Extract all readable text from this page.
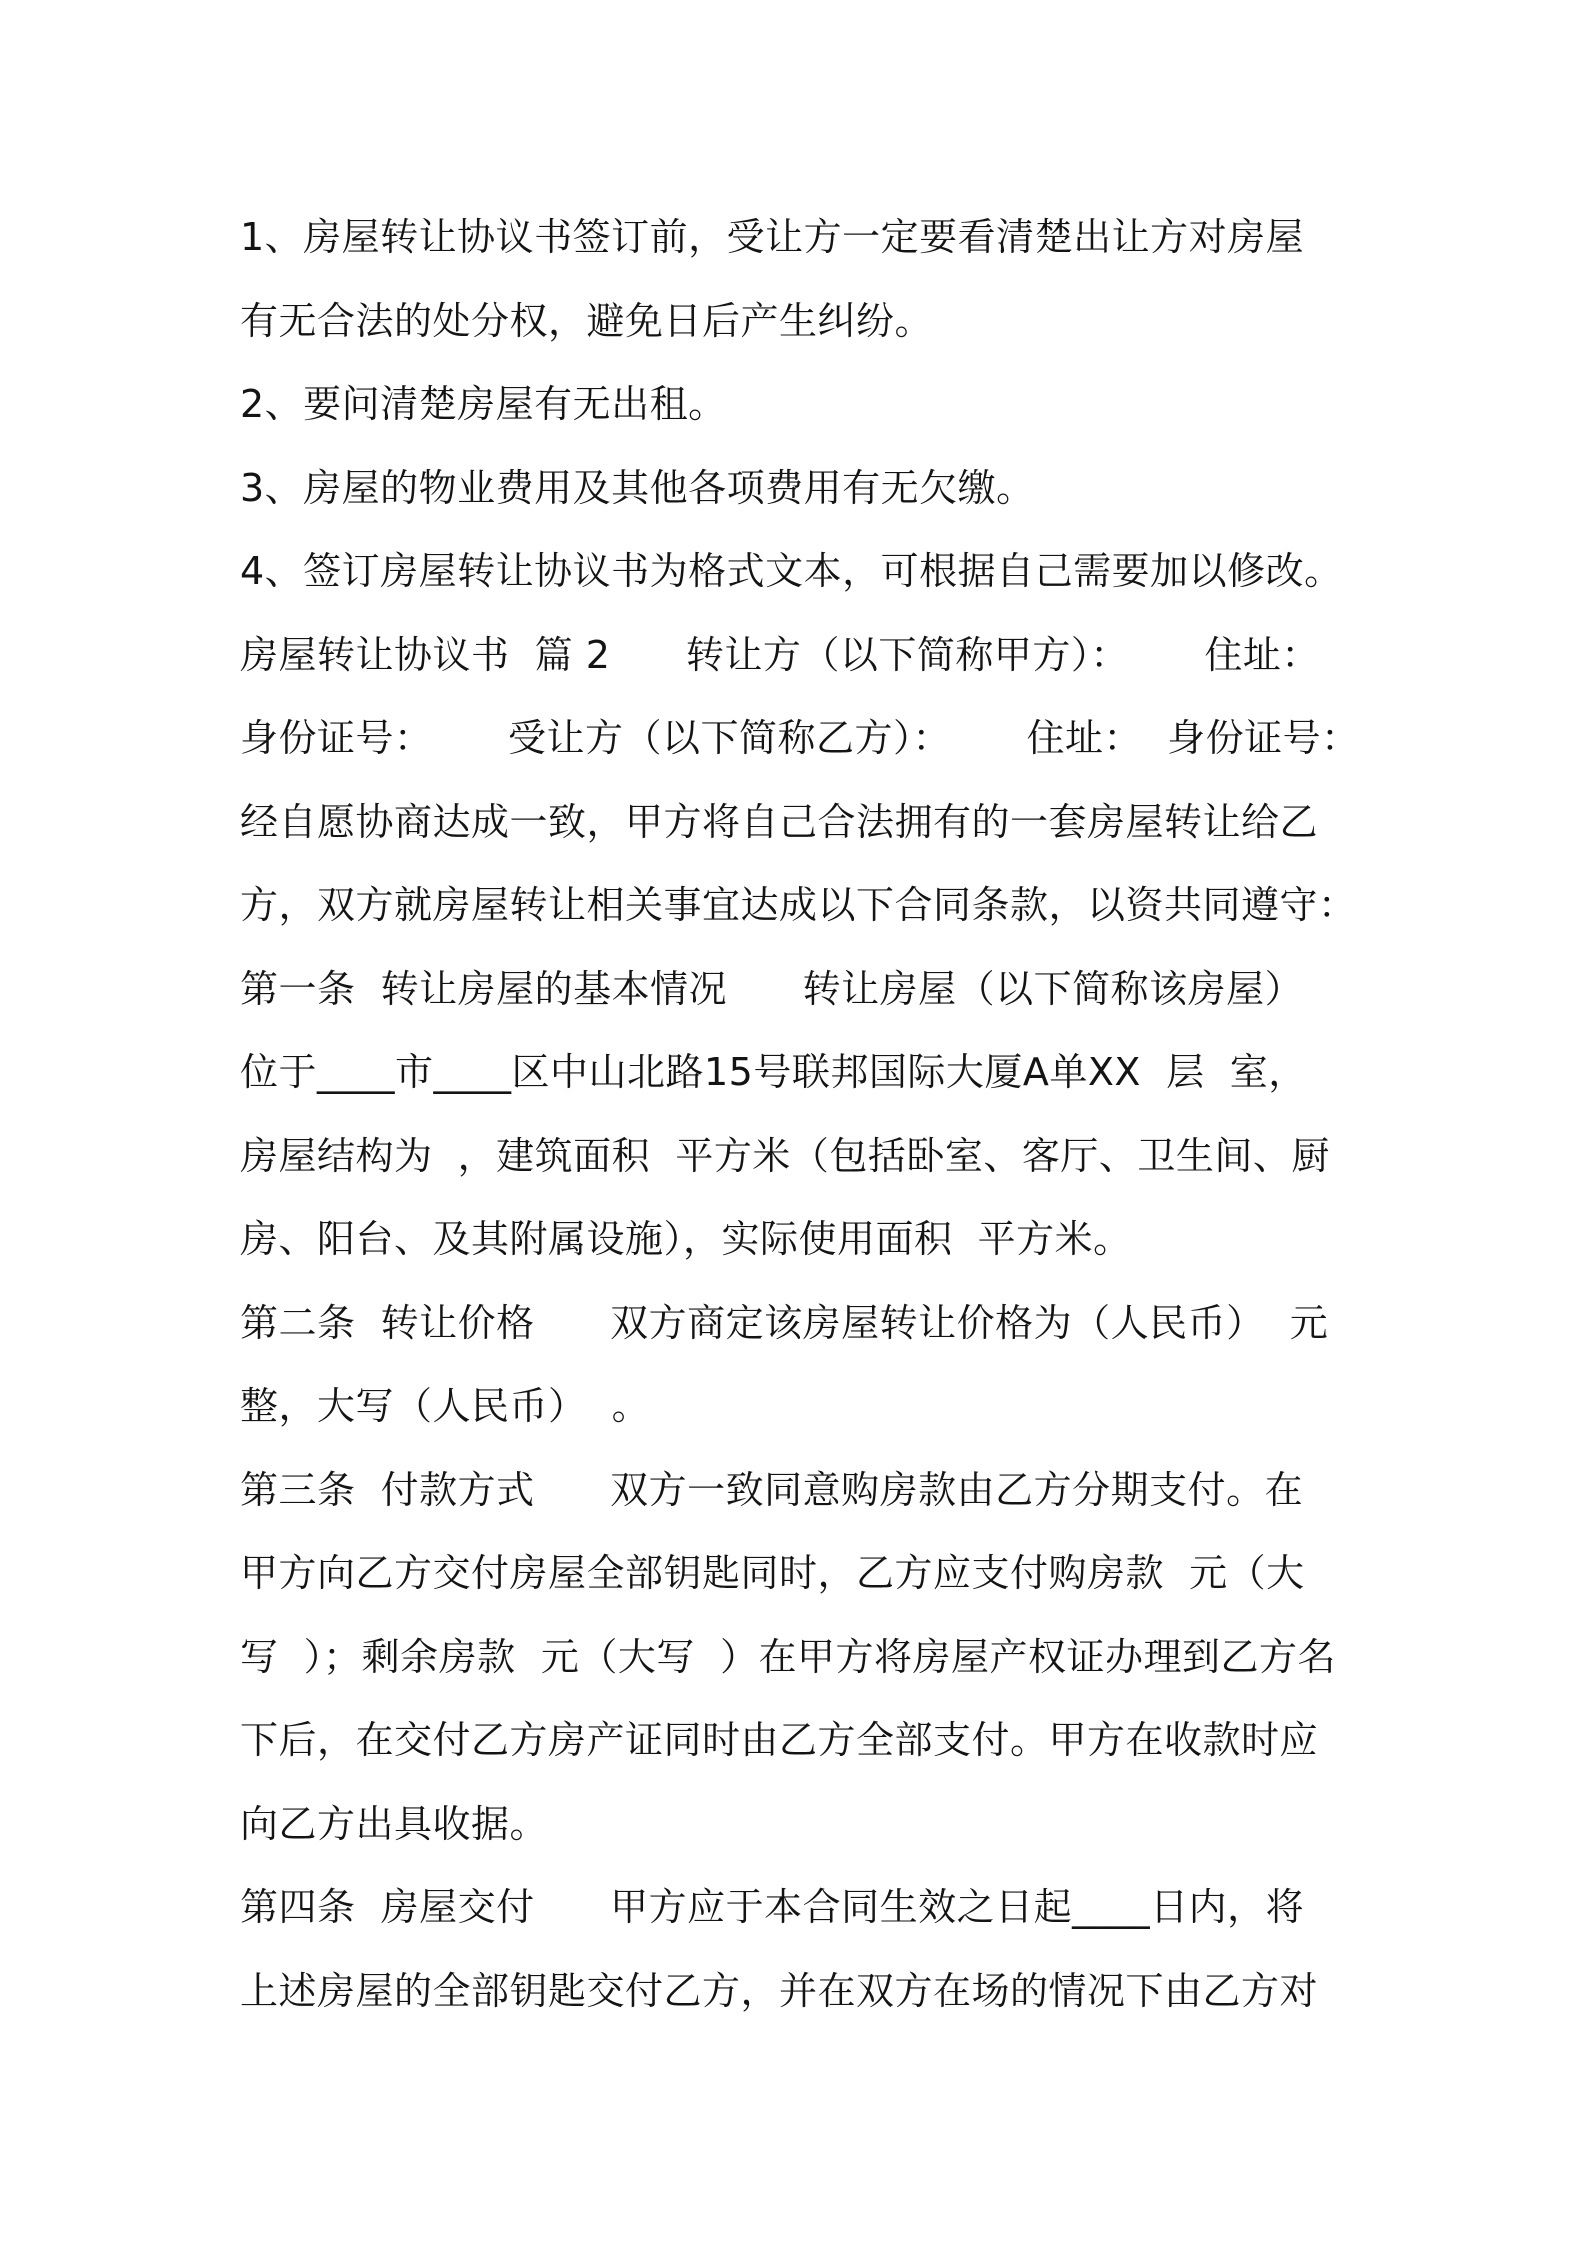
1、房屋转让协议书签订前，受让方一定要看清楚出让方对房屋
有无合法的处分权，避免日后产生纠纷。
2、要问清楚房屋有无出租。
3、房屋的物业费用及其他各项费用有无欠缴。
4、签订房屋转让协议书为格式文本，可根据自己需要加以修改。
房屋转让协议书  篇 2      转让方（以下简称甲方）：      住址：
身份证号：      受让方（以下简称乙方）：      住址：  身份证号：
经自愿协商达成一致，甲方将自己合法拥有的一套房屋转让给乙
方，双方就房屋转让相关事宜达成以下合同条款，以资共同遵守：
第一条  转让房屋的基本情况      转让房屋（以下简称该房屋）
位于____市____区中山北路15号联邦国际大厦A单XX  层  室，
房屋结构为  ，建筑面积  平方米（包括卧室、客厅、卫生间、厨
房、阳台、及其附属设施），实际使用面积  平方米。
第二条  转让价格      双方商定该房屋转让价格为（人民币）  元
整，大写（人民币）  。
第三条  付款方式      双方一致同意购房款由乙方分期支付。在
甲方向乙方交付房屋全部钥匙同时，乙方应支付购房款  元（大
写  ）；剩余房款  元（大写  ）在甲方将房屋产权证办理到乙方名
下后，在交付乙方房产证同时由乙方全部支付。甲方在收款时应
向乙方出具收据。
第四条  房屋交付      甲方应于本合同生效之日起____日内，将
上述房屋的全部钥匙交付乙方，并在双方在场的情况下由乙方对
